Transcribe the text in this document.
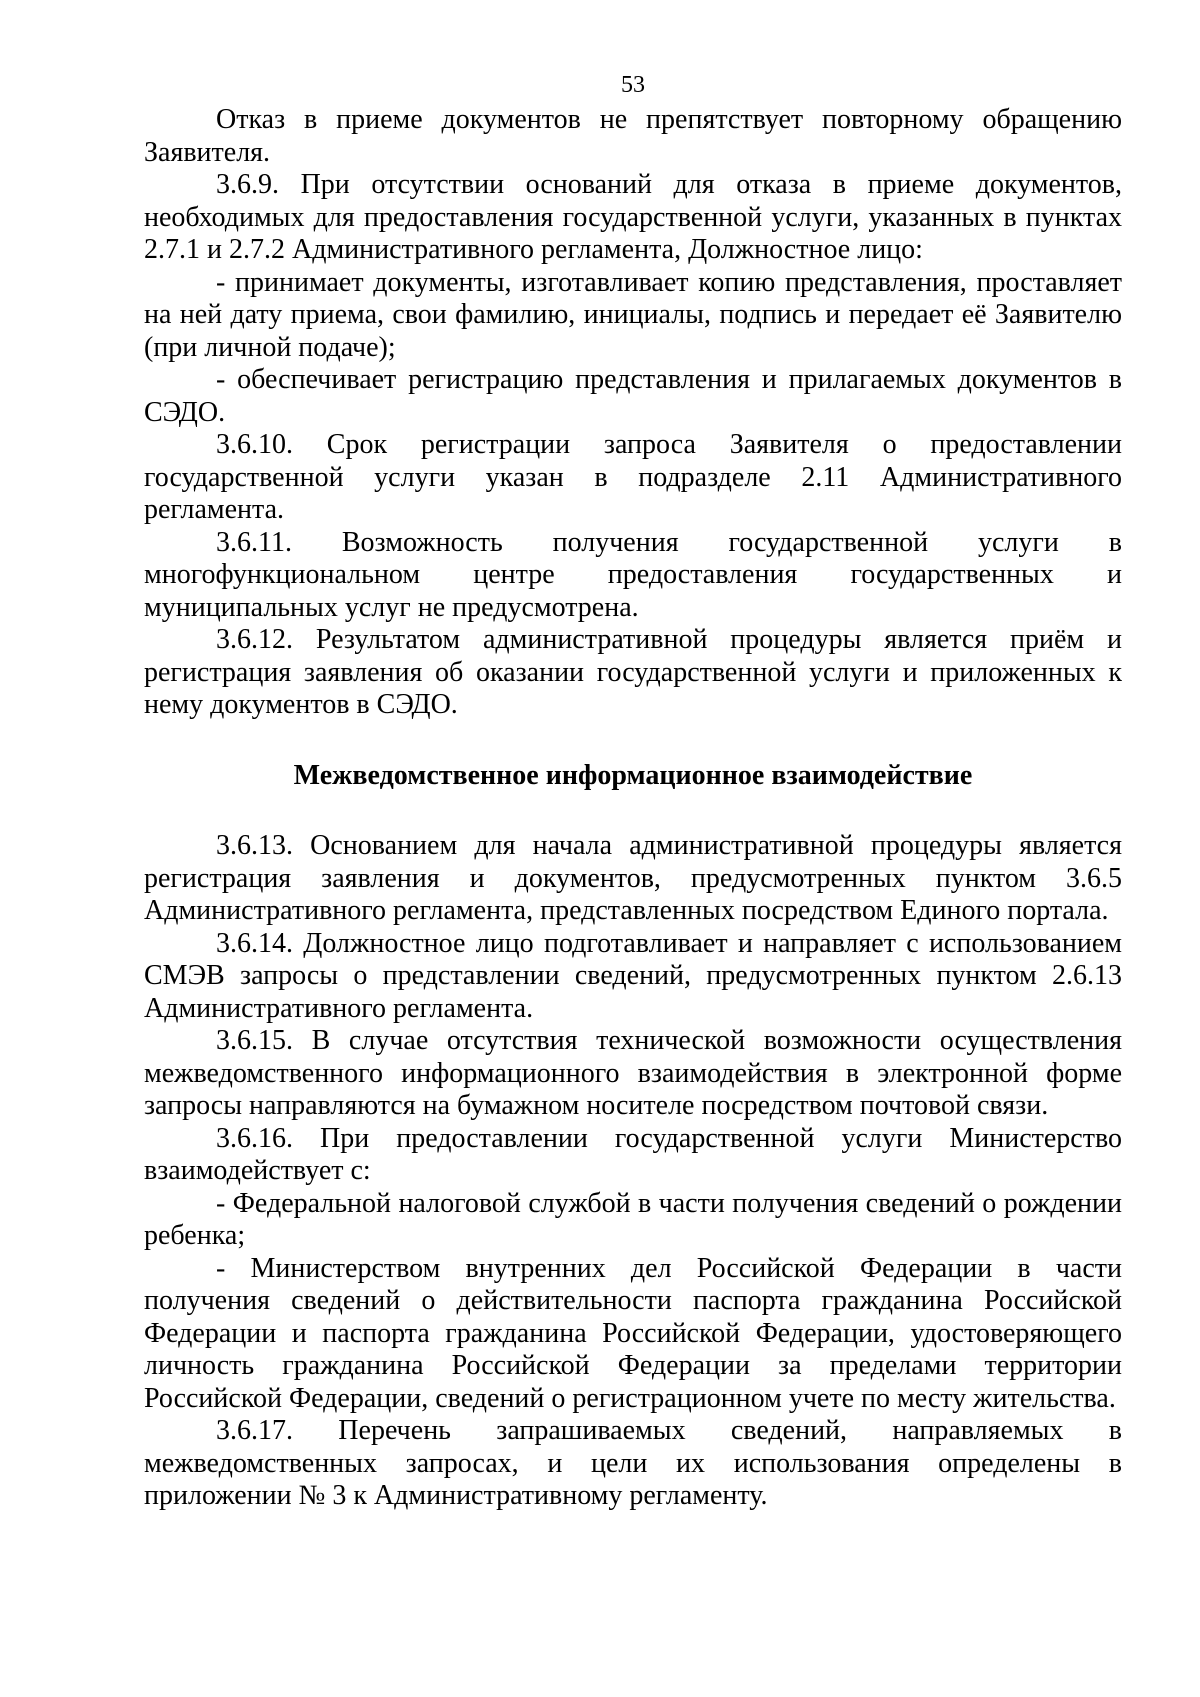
53

Отказ в приеме документов не препятствует повторному обращению Заявителя.

3.6.9. При отсутствии оснований для отказа в приеме документов, необходимых для предоставления государственной услуги, указанных в пунктах 2.7.1 и 2.7.2 Административного регламента, Должностное лицо:

- принимает документы, изготавливает копию представления, проставляет на ней дату приема, свои фамилию, инициалы, подпись и передает её Заявителю (при личной подаче);

- обеспечивает регистрацию представления и прилагаемых документов в СЭДО.

3.6.10. Срок регистрации запроса Заявителя о предоставлении государственной услуги указан в подразделе 2.11 Административного регламента.

3.6.11. Возможность получения государственной услуги в многофункциональном центре предоставления государственных и муниципальных услуг не предусмотрена.

3.6.12. Результатом административной процедуры является приём и регистрация заявления об оказании государственной услуги и приложенных к нему документов в СЭДО.

Межведомственное информационное взаимодействие

3.6.13. Основанием для начала административной процедуры является регистрация заявления и документов, предусмотренных пунктом 3.6.5 Административного регламента, представленных посредством Единого портала.

3.6.14. Должностное лицо подготавливает и направляет с использованием СМЭВ запросы о представлении сведений, предусмотренных пунктом 2.6.13 Административного регламента.

3.6.15. В случае отсутствия технической возможности осуществления межведомственного информационного взаимодействия в электронной форме запросы направляются на бумажном носителе посредством почтовой связи.

3.6.16. При предоставлении государственной услуги Министерство взаимодействует с:

- Федеральной налоговой службой в части получения сведений о рождении ребенка;

- Министерством внутренних дел Российской Федерации в части получения сведений о действительности паспорта гражданина Российской Федерации и паспорта гражданина Российской Федерации, удостоверяющего личность гражданина Российской Федерации за пределами территории Российской Федерации, сведений о регистрационном учете по месту жительства.

3.6.17. Перечень запрашиваемых сведений, направляемых в межведомственных запросах, и цели их использования определены в приложении № 3 к Административному регламенту.
